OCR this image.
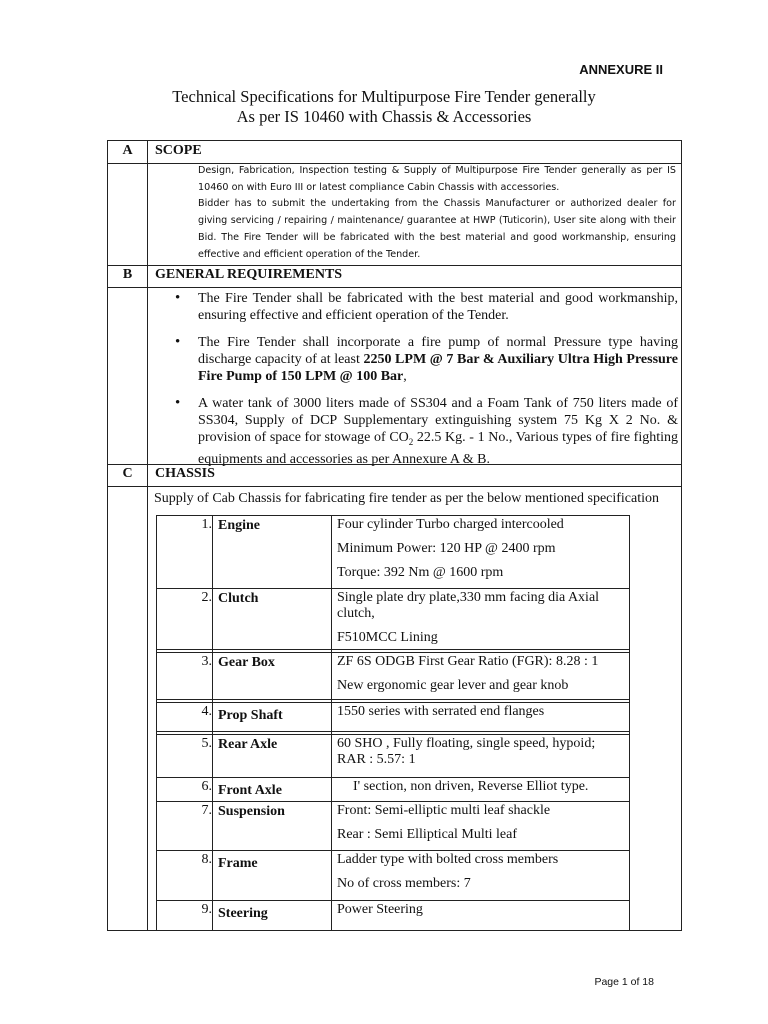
ANNEXURE II
Technical Specifications for Multipurpose Fire Tender generally
As per IS 10460 with Chassis & Accessories
A	SCOPE

Design, Fabrication, Inspection testing & Supply of Multipurpose Fire Tender generally as per IS 10460 on with Euro III or latest compliance Cabin Chassis with accessories.

Bidder has to submit the undertaking from the Chassis Manufacturer or authorized dealer for giving servicing / repairing / maintenance/ guarantee at HWP (Tuticorin), User site along with their Bid. The Fire Tender will be fabricated with the best material and good workmanship, ensuring effective and efficient operation of the Tender.

B	GENERAL REQUIREMENTS
• The Fire Tender shall be fabricated with the best material and good workmanship, ensuring effective and efficient operation of the Tender.
• The Fire Tender shall incorporate a fire pump of normal Pressure type having discharge capacity of at least 2250 LPM @ 7 Bar & Auxiliary Ultra High Pressure Fire Pump of 150 LPM @ 100 Bar,
• A water tank of 3000 liters made of SS304 and a Foam Tank of 750 liters made of SS304, Supply of DCP Supplementary extinguishing system 75 Kg X 2 No. & provision of space for stowage of $CO_2$ 22.5 Kg. - 1 No., Various types of fire fighting equipments and accessories as per Annexure A & B.
C	CHASSIS
Supply of Cab Chassis for fabricating fire tender as per the below mentioned specification
1. Engine	Four cylinder Turbo charged intercooled
Minimum Power: 120 HP @ 2400 rpm
Torque: 392 Nm @ 1600 rpm
2. Clutch	Single plate dry plate,330 mm facing dia Axial clutch,
F510MCC Lining
3. Gear Box	ZF 6S ODGB First Gear Ratio (FGR): 8.28 : 1
New ergonomic gear lever and gear knob
4. Prop Shaft	1550 series with serrated end flanges
5. Rear Axle	60 SHO , Fully floating, single speed, hypoid; RAR : 5.57: 1
6. Front Axle	I' section, non driven, Reverse Elliot type.
7. Suspension	Front: Semi-elliptic multi leaf shackle
Rear : Semi Elliptical Multi leaf
8. Frame	Ladder type with bolted cross members
No of cross members: 7
9. Steering	Power Steering
Page 1 of 18
